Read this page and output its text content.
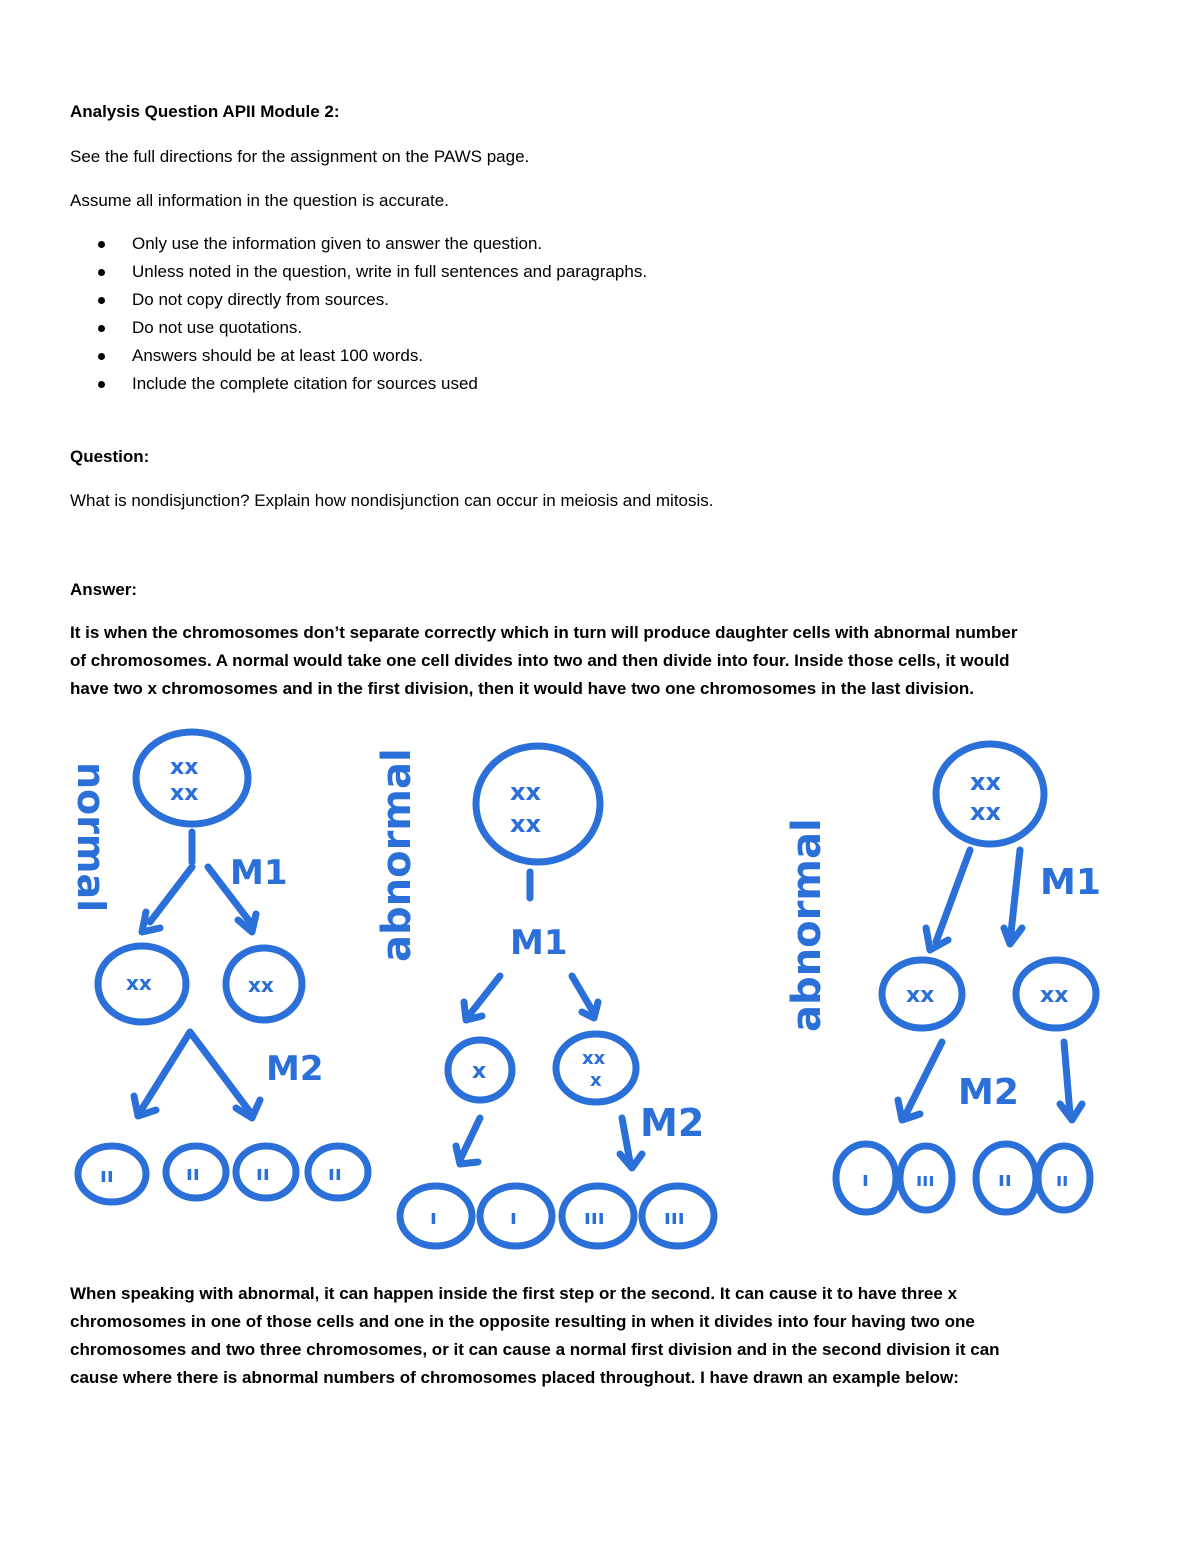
Analysis Question APII Module 2:
See the full directions for the assignment on the PAWS page.
Assume all information in the question is accurate.
Only use the information given to answer the question.
Unless noted in the question, write in full sentences and paragraphs.
Do not copy directly from sources.
Do not use quotations.
Answers should be at least 100 words.
Include the complete citation for sources used
Question:
What is nondisjunction? Explain how nondisjunction can occur in meiosis and mitosis.
Answer:
It is when the chromosomes don’t separate correctly which in turn will produce daughter cells with abnormal number
of chromosomes. A normal would take one cell divides into two and then divide into four. Inside those cells, it would
have two x chromosomes and in the first division, then it would have two one chromosomes in the last division.
normal	xx
xx
M1
xx	xx
M2
ıı	ıı	ıı	ıı
abnormal	xx
xx
M1
x
xx
x
M2
ı	ı	ııı	ııı
abnormal
xx
xx
M1
xx	xx
M2
ı	ııı	ıı ıı
When speaking with abnormal, it can happen inside the first step or the second. It can cause it to have three x
chromosomes in one of those cells and one in the opposite resulting in when it divides into four having two one
chromosomes and two three chromosomes, or it can cause a normal first division and in the second division it can
cause where there is abnormal numbers of chromosomes placed throughout. I have drawn an example below:
